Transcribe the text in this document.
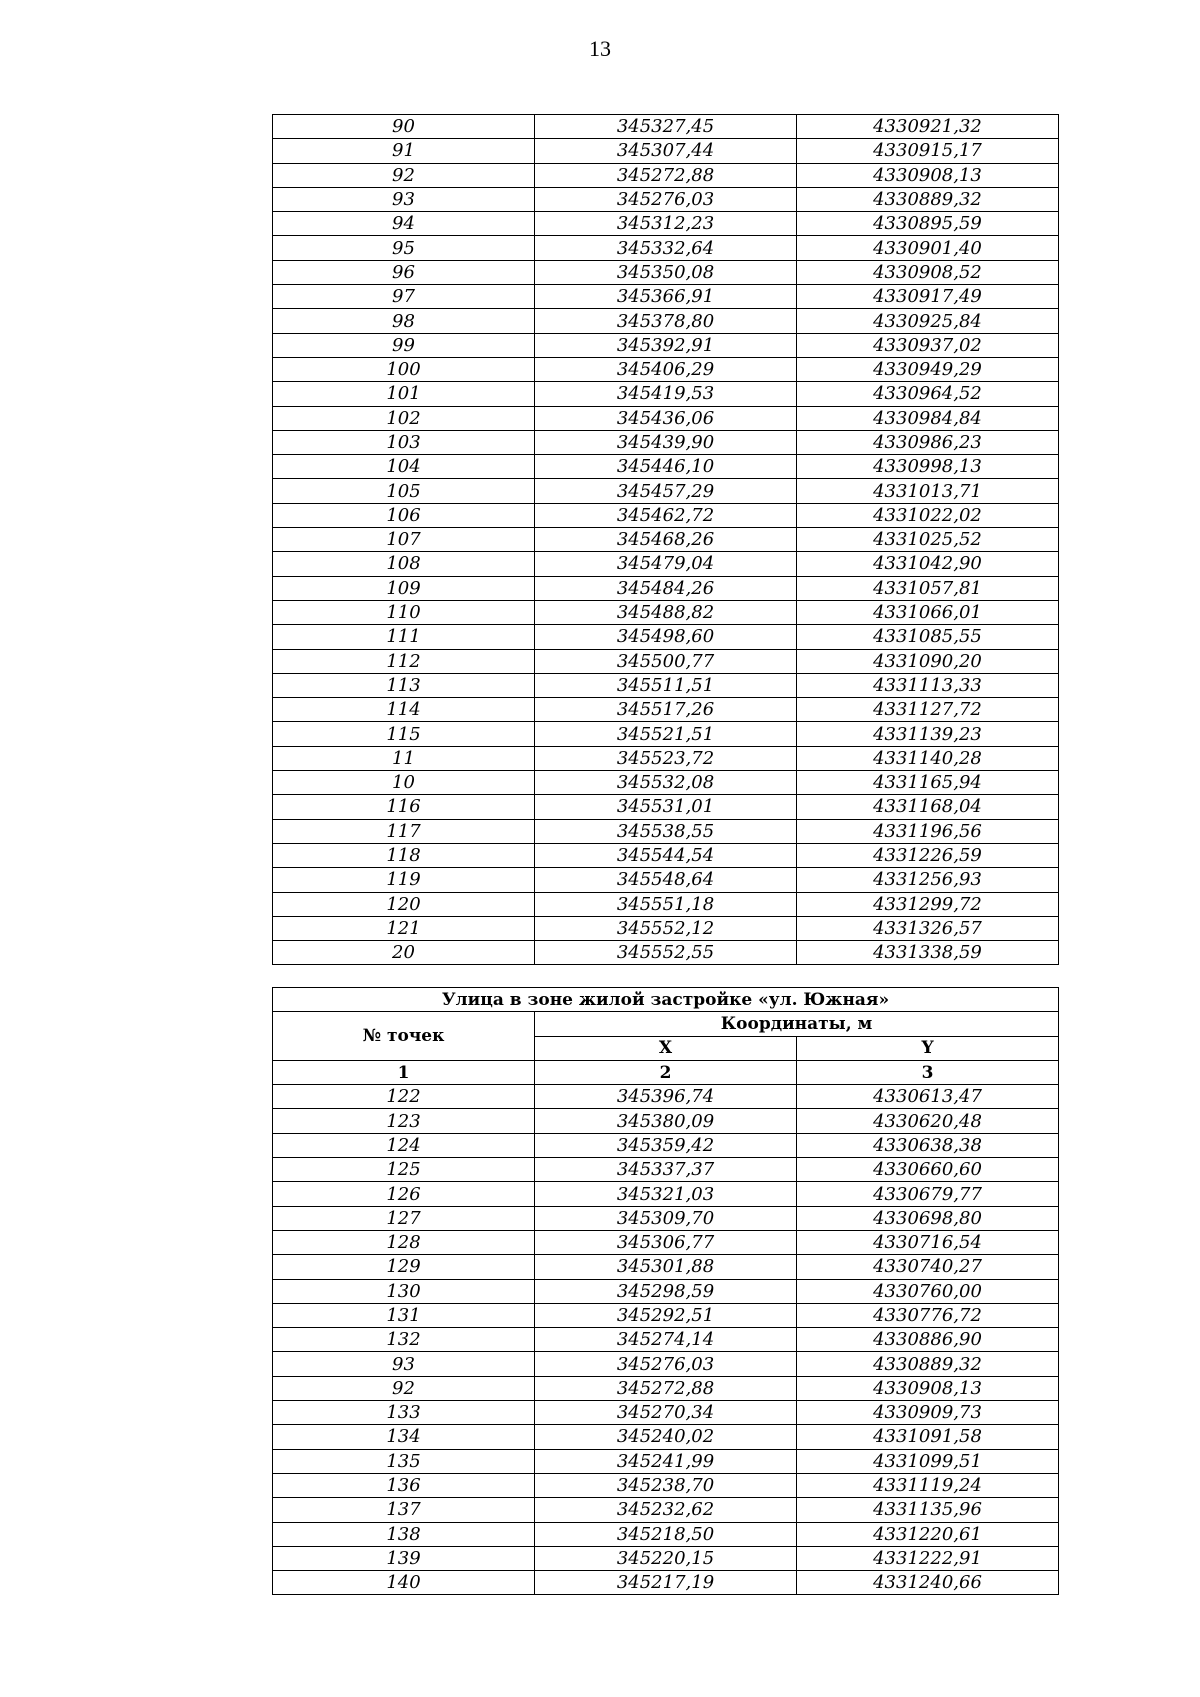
13
90	345327,45	4330921,32
91	345307,44	4330915,17
92	345272,88	4330908,13
93	345276,03	4330889,32
94	345312,23	4330895,59
95	345332,64	4330901,40
96	345350,08	4330908,52
97	345366,91	4330917,49
98	345378,80	4330925,84
99	345392,91	4330937,02
100	345406,29	4330949,29
101	345419,53	4330964,52
102	345436,06	4330984,84
103	345439,90	4330986,23
104	345446,10	4330998,13
105	345457,29	4331013,71
106	345462,72	4331022,02
107	345468,26	4331025,52
108	345479,04	4331042,90
109	345484,26	4331057,81
110	345488,82	4331066,01
111	345498,60	4331085,55
112	345500,77	4331090,20
113	345511,51	4331113,33
114	345517,26	4331127,72
115	345521,51	4331139,23
11	345523,72	4331140,28
10	345532,08	4331165,94
116	345531,01	4331168,04
117	345538,55	4331196,56
118	345544,54	4331226,59
119	345548,64	4331256,93
120	345551,18	4331299,72
121	345552,12	4331326,57
20	345552,55	4331338,59
Улица в зоне жилой застройке «ул. Южная»		
№ точек	Координаты, м	
	X	Y
1	2	3
122	345396,74	4330613,47
123	345380,09	4330620,48
124	345359,42	4330638,38
125	345337,37	4330660,60
126	345321,03	4330679,77
127	345309,70	4330698,80
128	345306,77	4330716,54
129	345301,88	4330740,27
130	345298,59	4330760,00
131	345292,51	4330776,72
132	345274,14	4330886,90
93	345276,03	4330889,32
92	345272,88	4330908,13
133	345270,34	4330909,73
134	345240,02	4331091,58
135	345241,99	4331099,51
136	345238,70	4331119,24
137	345232,62	4331135,96
138	345218,50	4331220,61
139	345220,15	4331222,91
140	345217,19	4331240,66
